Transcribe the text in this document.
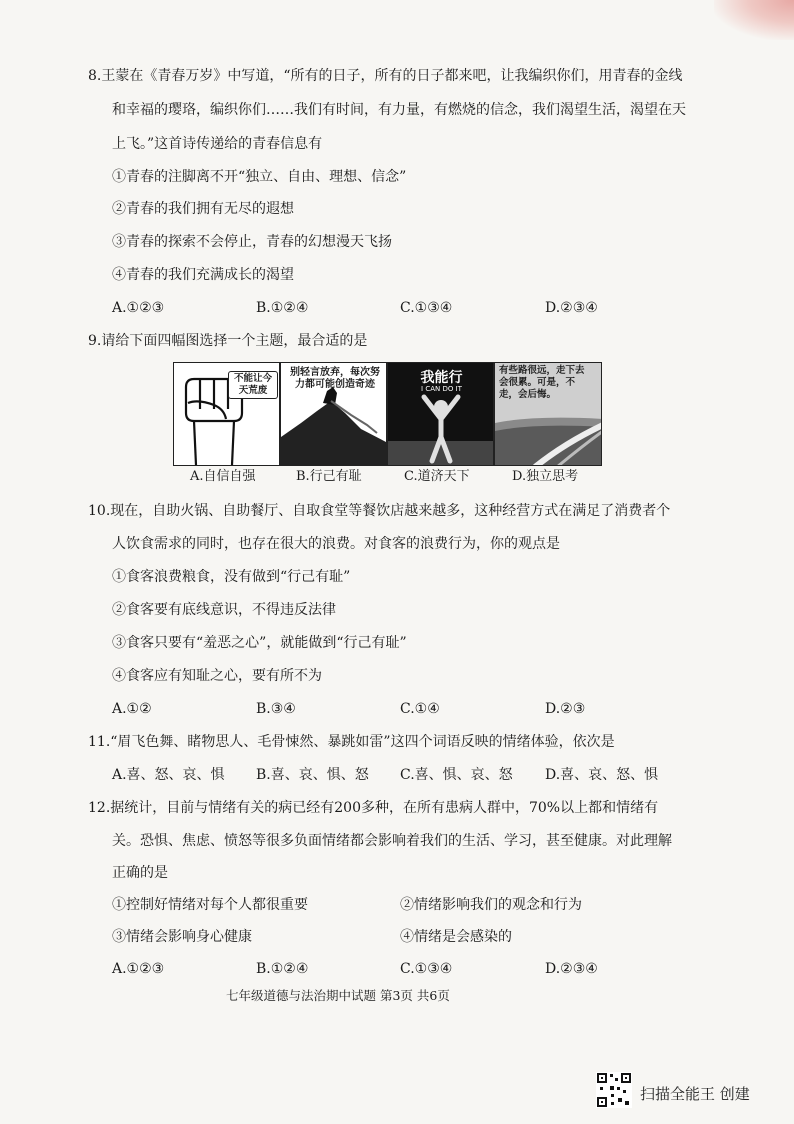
8.王蒙在《青春万岁》中写道，“所有的日子，所有的日子都来吧，让我编织你们，用青春的金线
和幸福的璎珞，编织你们……我们有时间，有力量，有燃烧的信念，我们渴望生活，渴望在天
上飞。”这首诗传递给的青春信息有
①青春的注脚离不开“独立、自由、理想、信念”
②青春的我们拥有无尽的遐想
③青春的探索不会停止，青春的幻想漫天飞扬
④青春的我们充满成长的渴望
A.①②③	B.①②④	C.①③④	D.②③④
9.请给下面四幅图选择一个主题，最合适的是
不能让今天荒废
别轻言放弃，每次努力都可能创造奇迹	我能行
I CAN DO IT
有些路很远，走下去会很累。可是，不走，会后悔。
A.自信自强	B.行己有耻	C.道济天下	D.独立思考
10.现在，自助火锅、自助餐厅、自取食堂等餐饮店越来越多，这种经营方式在满足了消费者个
人饮食需求的同时，也存在很大的浪费。对食客的浪费行为，你的观点是
①食客浪费粮食，没有做到“行己有耻”
②食客要有底线意识，不得违反法律
③食客只要有“羞恶之心”，就能做到“行己有耻”
④食客应有知耻之心，要有所不为
A.①②	B.③④	C.①④	D.②③
11.“眉飞色舞、睹物思人、毛骨悚然、暴跳如雷”这四个词语反映的情绪体验，依次是
A.喜、怒、哀、惧 B.喜、哀、惧、怒 C.喜、惧、哀、怒 D.喜、哀、怒、惧
12.据统计，目前与情绪有关的病已经有200多种，在所有患病人群中，70%以上都和情绪有
关。恐惧、焦虑、愤怒等很多负面情绪都会影响着我们的生活、学习，甚至健康。对此理解
正确的是
①控制好情绪对每个人都很重要	②情绪影响我们的观念和行为
③情绪会影响身心健康	④情绪是会感染的
A.①②③	B.①②④	C.①③④	D.②③④
七年级道德与法治期中试题 第3页 共6页
扫描全能王 创建
